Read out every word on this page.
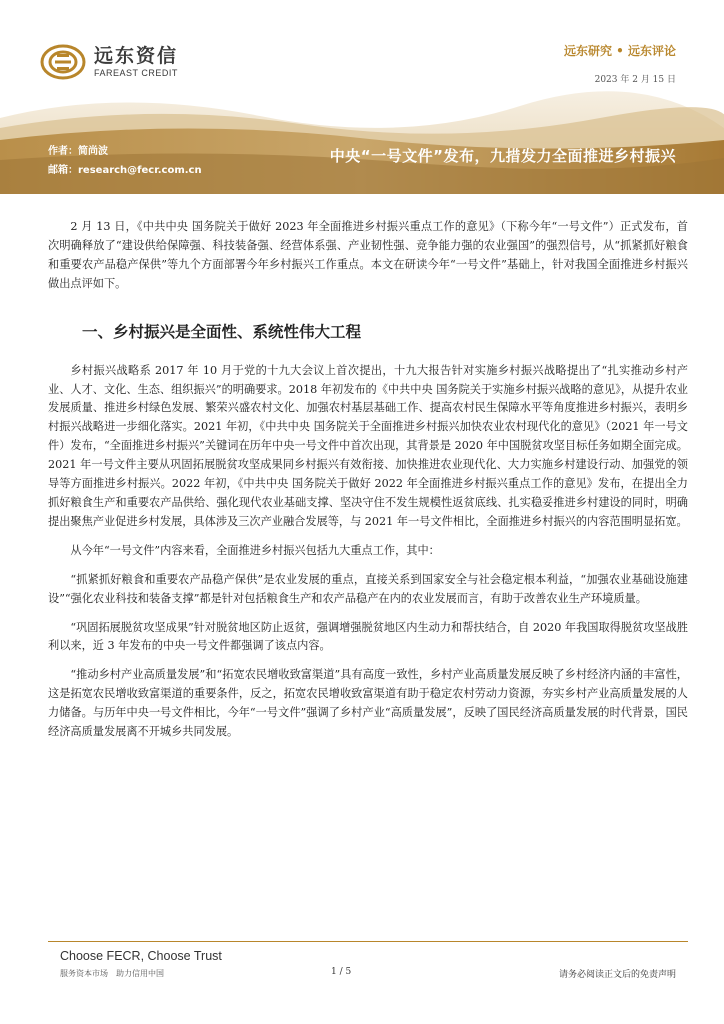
远东资信
FAREAST CREDIT
远东研究 • 远东评论
2023 年 2 月 15 日
作者：简尚波
邮箱：research@fecr.com.cn
中央“一号文件”发布，九措发力全面推进乡村振兴

2 月 13 日，《中共中央 国务院关于做好 2023 年全面推进乡村振兴重点工作的意见》（下称今年“一号文件”）正式发布，首次明确释放了“建设供给保障强、科技装备强、经营体系强、产业韧性强、竞争能力强的农业强国”的强烈信号，从“抓紧抓好粮食和重要农产品稳产保供”等九个方面部署今年乡村振兴工作重点。本文在研读今年“一号文件”基础上，针对我国全面推进乡村振兴做出点评如下。

一、乡村振兴是全面性、系统性伟大工程

乡村振兴战略系 2017 年 10 月于党的十九大会议上首次提出，十九大报告针对实施乡村振兴战略提出了“扎实推动乡村产业、人才、文化、生态、组织振兴”的明确要求。2018 年初发布的《中共中央 国务院关于实施乡村振兴战略的意见》，从提升农业发展质量、推进乡村绿色发展、繁荣兴盛农村文化、加强农村基层基础工作、提高农村民生保障水平等角度推进乡村振兴，表明乡村振兴战略进一步细化落实。2021 年初，《中共中央 国务院关于全面推进乡村振兴加快农业农村现代化的意见》（2021 年一号文件）发布，“全面推进乡村振兴”关键词在历年中央一号文件中首次出现，其背景是 2020 年中国脱贫攻坚目标任务如期全面完成。2021 年一号文件主要从巩固拓展脱贫攻坚成果同乡村振兴有效衔接、加快推进农业现代化、大力实施乡村建设行动、加强党的领导等方面推进乡村振兴。2022 年初，《中共中央 国务院关于做好 2022 年全面推进乡村振兴重点工作的意见》发布，在提出全力抓好粮食生产和重要农产品供给、强化现代农业基础支撑、坚决守住不发生规模性返贫底线、扎实稳妥推进乡村建设的同时，明确提出聚焦产业促进乡村发展，具体涉及三次产业融合发展等，与 2021 年一号文件相比，全面推进乡村振兴的内容范围明显拓宽。

从今年“一号文件”内容来看，全面推进乡村振兴包括九大重点工作，其中：

“抓紧抓好粮食和重要农产品稳产保供”是农业发展的重点，直接关系到国家安全与社会稳定根本利益，“加强农业基础设施建设”“强化农业科技和装备支撑”都是针对包括粮食生产和农产品稳产在内的农业发展而言，有助于改善农业生产环境质量。

“巩固拓展脱贫攻坚成果”针对脱贫地区防止返贫，强调增强脱贫地区内生动力和帮扶结合，自 2020 年我国取得脱贫攻坚战胜利以来，近 3 年发布的中央一号文件都强调了该点内容。

“推动乡村产业高质量发展”和“拓宽农民增收致富渠道”具有高度一致性，乡村产业高质量发展反映了乡村经济内涵的丰富性，这是拓宽农民增收致富渠道的重要条件，反之，拓宽农民增收致富渠道有助于稳定农村劳动力资源，夯实乡村产业高质量发展的人力储备。与历年中央一号文件相比，今年“一号文件”强调了乡村产业“高质量发展”，反映了国民经济高质量发展的时代背景，国民经济高质量发展离不开城乡共同发展。

Choose FECR, Choose Trust
服务资本市场　助力信用中国	1 / 5	请务必阅读正文后的免责声明
